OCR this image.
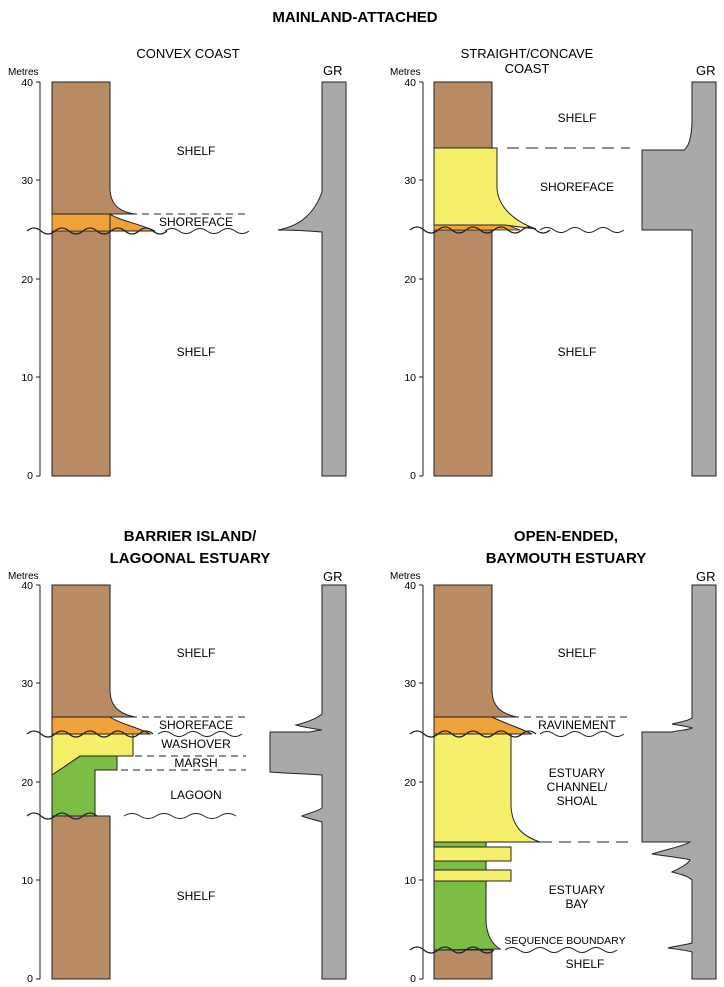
MAINLAND-ATTACHED
CONVEX COAST
Metres	GR
0
10
20
30
40
SHELF
SHOREFACE
SHELF
STRAIGHT/CONCAVE
COAST
Metres	GR
0
10
20
30
40
SHELF
SHOREFACE
SHELF
BARRIER ISLAND/
LAGOONAL ESTUARY
Metres	GR
0
10
20
30
40
SHELF
SHOREFACE
WASHOVER
MARSH
LAGOON
SHELF
OPEN-ENDED,
BAYMOUTH ESTUARY
Metres	GR
0
10
20
30
40
SHELF
RAVINEMENT
ESTUARY
CHANNEL/
SHOAL
ESTUARY
BAY
SEQUENCE BOUNDARY
SHELF
